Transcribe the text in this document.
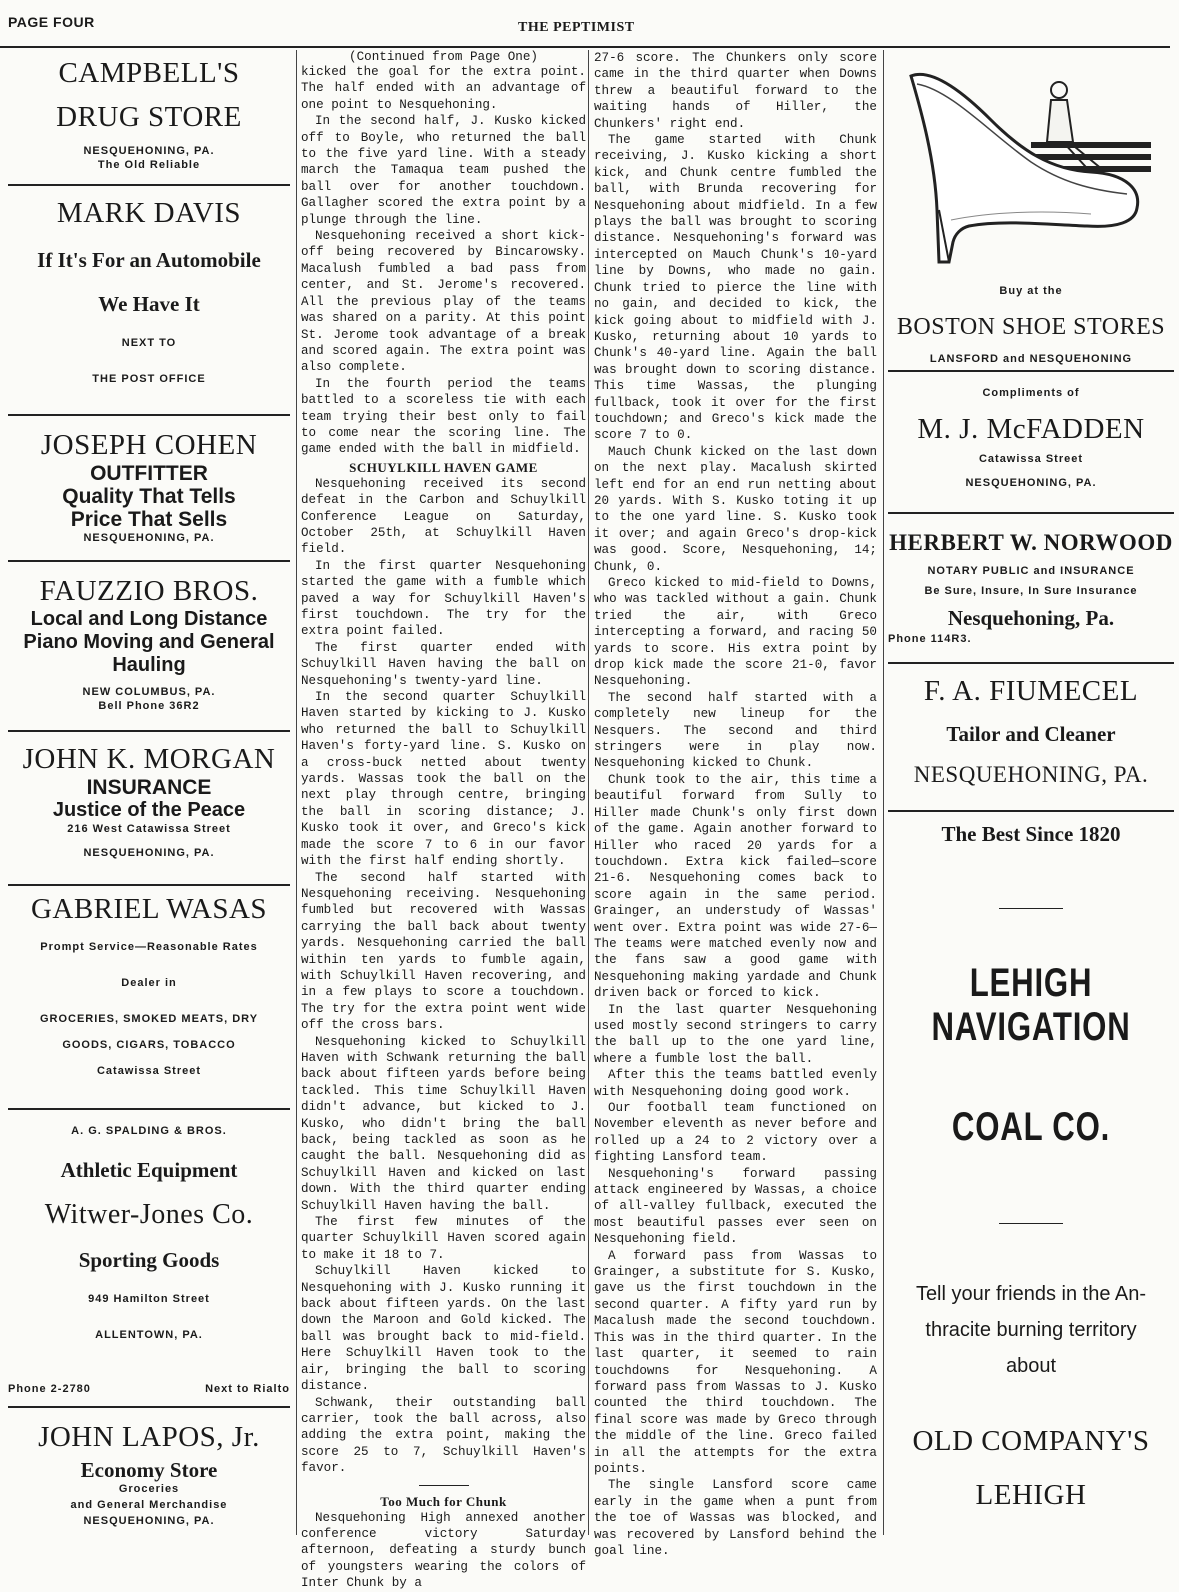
PAGE FOUR	THE PEPTIMIST
CAMPBELL'S
DRUG STORE
NESQUEHONING, PA.
The Old Reliable
MARK DAVIS
If It's For an Automobile
We Have It
NEXT TO
THE POST OFFICE
JOSEPH COHEN
OUTFITTER
Quality That Tells
Price That Sells
NESQUEHONING, PA.
FAUZZIO BROS.
Local and Long Distance
Piano Moving and General
Hauling
NEW COLUMBUS, PA.
Bell Phone 36R2
JOHN K. MORGAN
INSURANCE
Justice of the Peace
216 West Catawissa Street
NESQUEHONING, PA.
GABRIEL WASAS
Prompt Service—Reasonable Rates
Dealer in
GROCERIES, SMOKED MEATS, DRY
GOODS, CIGARS, TOBACCO
Catawissa Street
A. G. SPALDING & BROS.
Athletic Equipment
Witwer-Jones Co.
Sporting Goods
949 Hamilton Street
ALLENTOWN, PA.
Phone 2-2780	Next to Rialto
JOHN LAPOS, Jr.
Economy Store
Groceries
and General Merchandise
NESQUEHONING, PA.
(Continued from Page One)

kicked the goal for the extra point. The half ended with an advantage of one point to Nesquehoning.

In the second half, J. Kusko kicked off to Boyle, who returned the ball to the five yard line. With a steady march the Tamaqua team pushed the ball over for another touchdown. Gallagher scored the extra point by a plunge through the line.

Nesquehoning received a short kick-off being recovered by Bincarowsky. Macalush fumbled a bad pass from center, and St. Jerome's recovered. All the previous play of the teams was shared on a parity. At this point St. Jerome took advantage of a break and scored again. The extra point was also complete.

In the fourth period the teams battled to a scoreless tie with each team trying their best only to fail to come near the scoring line. The game ended with the ball in midfield.

SCHUYLKILL HAVEN GAME

Nesquehoning received its second defeat in the Carbon and Schuylkill Conference League on Saturday, October 25th, at Schuylkill Haven field.

In the first quarter Nesquehoning started the game with a fumble which paved a way for Schuylkill Haven's first touchdown. The try for the extra point failed.

The first quarter ended with Schuylkill Haven having the ball on Nesquehoning's twenty-yard line.

In the second quarter Schuylkill Haven started by kicking to J. Kusko who returned the ball to Schuylkill Haven's forty-yard line. S. Kusko on a cross-buck netted about twenty yards. Wassas took the ball on the next play through centre, bringing the ball in scoring distance; J. Kusko took it over, and Greco's kick made the score 7 to 6 in our favor with the first half ending shortly.

The second half started with Nesquehoning receiving. Nesquehoning fumbled but recovered with Wassas carrying the ball back about twenty yards. Nesquehoning carried the ball within ten yards to fumble again, with Schuylkill Haven recovering, and in a few plays to score a touchdown. The try for the extra point went wide off the cross bars.

Nesquehoning kicked to Schuylkill Haven with Schwank returning the ball back about fifteen yards before being tackled. This time Schuylkill Haven didn't advance, but kicked to J. Kusko, who didn't bring the ball back, being tackled as soon as he caught the ball. Nesquehoning did as Schuylkill Haven and kicked on last down. With the third quarter ending Schuylkill Haven having the ball.

The first few minutes of the quarter Schuylkill Haven scored again to make it 18 to 7.

Schuylkill Haven kicked to Nesquehoning with J. Kusko running it back about fifteen yards. On the last down the Maroon and Gold kicked. The ball was brought back to mid-field. Here Schuylkill Haven took to the air, bringing the ball to scoring distance.

Schwank, their outstanding ball carrier, took the ball across, also adding the extra point, making the score 25 to 7, Schuylkill Haven's favor.

Too Much for Chunk

Nesquehoning High annexed another conference victory Saturday afternoon, defeating a sturdy bunch of youngsters wearing the colors of Inter Chunk by a

27-6 score. The Chunkers only score came in the third quarter when Downs threw a beautiful forward to the waiting hands of Hiller, the Chunkers' right end.

The game started with Chunk receiving, J. Kusko kicking a short kick, and Chunk centre fumbled the ball, with Brunda recovering for Nesquehoning about midfield. In a few plays the ball was brought to scoring distance. Nesquehoning's forward was intercepted on Mauch Chunk's 10-yard line by Downs, who made no gain. Chunk tried to pierce the line with no gain, and decided to kick, the kick going about to midfield with J. Kusko, returning about 10 yards to Chunk's 40-yard line. Again the ball was brought down to scoring distance. This time Wassas, the plunging fullback, took it over for the first touchdown; and Greco's kick made the score 7 to 0.

Mauch Chunk kicked on the last down on the next play. Macalush skirted left end for an end run netting about 20 yards. With S. Kusko toting it up to the one yard line. S. Kusko took it over; and again Greco's drop-kick was good. Score, Nesquehoning, 14; Chunk, 0.

Greco kicked to mid-field to Downs, who was tackled without a gain. Chunk tried the air, with Greco intercepting a forward, and racing 50 yards to score. His extra point by drop kick made the score 21-0, favor Nesquehoning.

The second half started with a completely new lineup for the Nesquers. The second and third stringers were in play now. Nesquehoning kicked to Chunk.

Chunk took to the air, this time a beautiful forward from Sully to Hiller made Chunk's only first down of the game. Again another forward to Hiller who raced 20 yards for a touchdown. Extra kick failed—score 21-6. Nesquehoning comes back to score again in the same period. Grainger, an understudy of Wassas' went over. Extra point was wide 27-6—The teams were matched evenly now and the fans saw a good game with Nesquehoning making yardade and Chunk driven back or forced to kick.

In the last quarter Nesquehoning used mostly second stringers to carry the ball up to the one yard line, where a fumble lost the ball.

After this the teams battled evenly with Nesquehoning doing good work.

Our football team functioned on November eleventh as never before and rolled up a 24 to 2 victory over a fighting Lansford team.

Nesquehoning's forward passing attack engineered by Wassas, a choice of all-valley fullback, executed the most beautiful passes ever seen on Nesquehoning field.

A forward pass from Wassas to Grainger, a substitute for S. Kusko, gave us the first touchdown in the second quarter. A fifty yard run by Macalush made the second touchdown. This was in the third quarter. In the last quarter, it seemed to rain touchdowns for Nesquehoning. A forward pass from Wassas to J. Kusko counted the third touchdown. The final score was made by Greco through the middle of the line. Greco failed in all the attempts for the extra points.

The single Lansford score came early in the game when a punt from the toe of Wassas was blocked, and was recovered by Lansford behind the goal line.

Buy at the
BOSTON SHOE STORES
LANSFORD and NESQUEHONING
Compliments of
M. J. McFADDEN
Catawissa Street
NESQUEHONING, PA.
HERBERT W. NORWOOD
NOTARY PUBLIC and INSURANCE
Be Sure, Insure, In Sure Insurance
Nesquehoning, Pa.
Phone 114R3.
F. A. FIUMECEL
Tailor and Cleaner
NESQUEHONING, PA.
The Best Since 1820
LEHIGH NAVIGATION
COAL CO.
Tell your friends in the An-
thracite burning territory
about
OLD COMPANY'S
LEHIGH
